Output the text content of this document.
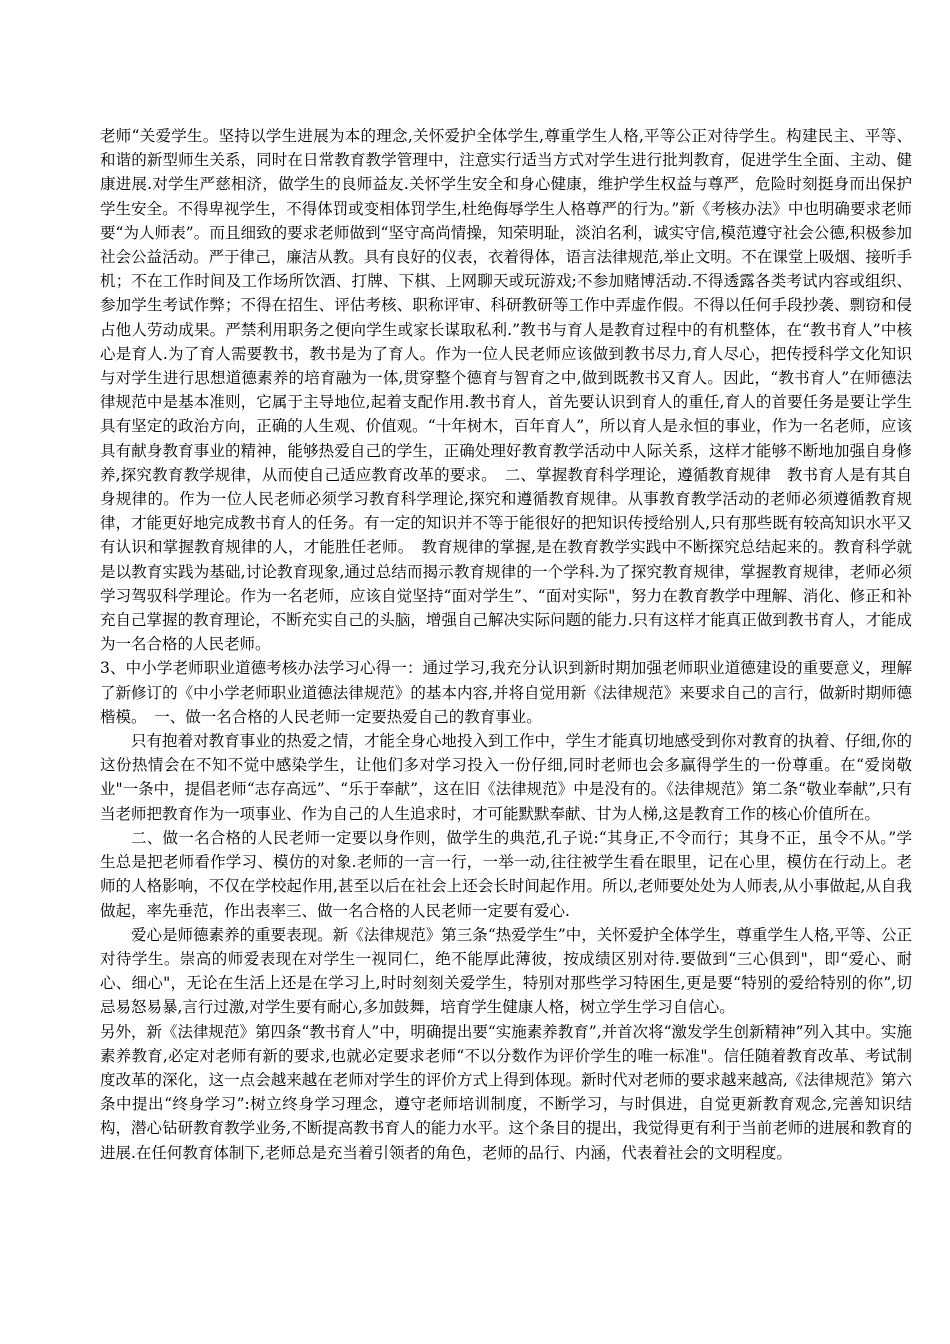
老师“关爱学生。坚持以学生进展为本的理念,关怀爱护全体学生,尊重学生人格,平等公正对待学生。构建民主、平等、和谐的新型师生关系，同时在日常教育教学管理中，注意实行适当方式对学生进行批判教育，促进学生全面、主动、健康进展.对学生严慈相济，做学生的良师益友.关怀学生安全和身心健康，维护学生权益与尊严，危险时刻挺身而出保护学生安全。不得卑视学生，不得体罚或变相体罚学生,杜绝侮辱学生人格尊严的行为。”新《考核办法》中也明确要求老师要“为人师表”。而且细致的要求老师做到“坚守高尚情操，知荣明耻，淡泊名利，诚实守信,模范遵守社会公德,积极参加社会公益活动。严于律己，廉洁从教。具有良好的仪表，衣着得体，语言法律规范,举止文明。不在课堂上吸烟、接听手机；不在工作时间及工作场所饮酒、打牌、下棋、上网聊天或玩游戏;不参加赌博活动.不得透露各类考试内容或组织、参加学生考试作弊；不得在招生、评估考核、职称评审、科研教研等工作中弄虚作假。不得以任何手段抄袭、剽窃和侵占他人劳动成果。严禁利用职务之便向学生或家长谋取私利.”教书与育人是教育过程中的有机整体，在“教书育人”中核心是育人.为了育人需要教书，教书是为了育人。作为一位人民老师应该做到教书尽力,育人尽心，把传授科学文化知识与对学生进行思想道德素养的培育融为一体,贯穿整个德育与智育之中,做到既教书又育人。因此，“教书育人”在师德法律规范中是基本准则，它属于主导地位,起着支配作用.教书育人，首先要认识到育人的重任,育人的首要任务是要让学生具有坚定的政治方向，正确的人生观、价值观。“十年树木，百年育人”，所以育人是永恒的事业，作为一名老师，应该具有献身教育事业的精神，能够热爱自己的学生，正确处理好教育教学活动中人际关系，这样才能够不断地加强自身修养,探究教育教学规律，从而使自己适应教育改革的要求。　二、掌握教育科学理论，遵循教育规律　教书育人是有其自身规律的。作为一位人民老师必须学习教育科学理论,探究和遵循教育规律。从事教育教学活动的老师必须遵循教育规律，才能更好地完成教书育人的任务。有一定的知识并不等于能很好的把知识传授给别人,只有那些既有较高知识水平又有认识和掌握教育规律的人，才能胜任老师。　教育规律的掌握,是在教育教学实践中不断探究总结起来的。教育科学就是以教育实践为基础,讨论教育现象,通过总结而揭示教育规律的一个学科.为了探究教育规律，掌握教育规律，老师必须学习驾驭科学理论。作为一名老师，应该自觉坚持“面对学生”、“面对实际"，努力在教育教学中理解、消化、修正和补充自己掌握的教育理论，不断充实自己的头脑，增强自己解决实际问题的能力.只有这样才能真正做到教书育人，才能成为一名合格的人民老师。

3、中小学老师职业道德考核办法学习心得一：通过学习,我充分认识到新时期加强老师职业道德建设的重要意义，理解了新修订的《中小学老师职业道德法律规范》的基本内容,并将自觉用新《法律规范》来要求自己的言行，做新时期师德楷模。　一、做一名合格的人民老师一定要热爱自己的教育事业。

只有抱着对教育事业的热爱之情，才能全身心地投入到工作中，学生才能真切地感受到你对教育的执着、仔细,你的这份热情会在不知不觉中感染学生，让他们多对学习投入一份仔细,同时老师也会多赢得学生的一份尊重。在“爱岗敬业"一条中，提倡老师“志存高远”、“乐于奉献”，这在旧《法律规范》中是没有的。《法律规范》第二条“敬业奉献”,只有当老师把教育作为一项事业、作为自己的人生追求时，才可能默默奉献、甘为人梯,这是教育工作的核心价值所在。

二、做一名合格的人民老师一定要以身作则，做学生的典范,孔子说:“其身正,不令而行；其身不正，虽令不从。”学生总是把老师看作学习、模仿的对象.老师的一言一行，一举一动,往往被学生看在眼里，记在心里，模仿在行动上。老师的人格影响，不仅在学校起作用,甚至以后在社会上还会长时间起作用。所以,老师要处处为人师表,从小事做起,从自我做起，率先垂范，作出表率三、做一名合格的人民老师一定要有爱心.

爱心是师德素养的重要表现。新《法律规范》第三条“热爱学生”中，关怀爱护全体学生，尊重学生人格,平等、公正对待学生。崇高的师爱表现在对学生一视同仁，绝不能厚此薄彼，按成绩区别对待.要做到“三心俱到"，即“爱心、耐心、细心"，无论在生活上还是在学习上,时时刻刻关爱学生，特别对那些学习特困生,更是要“特别的爱给特别的你”,切忌易怒易暴,言行过激,对学生要有耐心,多加鼓舞，培育学生健康人格，树立学生学习自信心。

另外，新《法律规范》第四条“教书育人”中，明确提出要“实施素养教育”,并首次将“激发学生创新精神”列入其中。实施素养教育,必定对老师有新的要求,也就必定要求老师“不以分数作为评价学生的唯一标准"。信任随着教育改革、考试制度改革的深化，这一点会越来越在老师对学生的评价方式上得到体现。新时代对老师的要求越来越高,《法律规范》第六条中提出“终身学习”:树立终身学习理念，遵守老师培训制度，不断学习，与时俱进，自觉更新教育观念,完善知识结构，潜心钻研教育教学业务,不断提高教书育人的能力水平。这个条目的提出，我觉得更有利于当前老师的进展和教育的进展.在任何教育体制下,老师总是充当着引领者的角色，老师的品行、内涵，代表着社会的文明程度。
